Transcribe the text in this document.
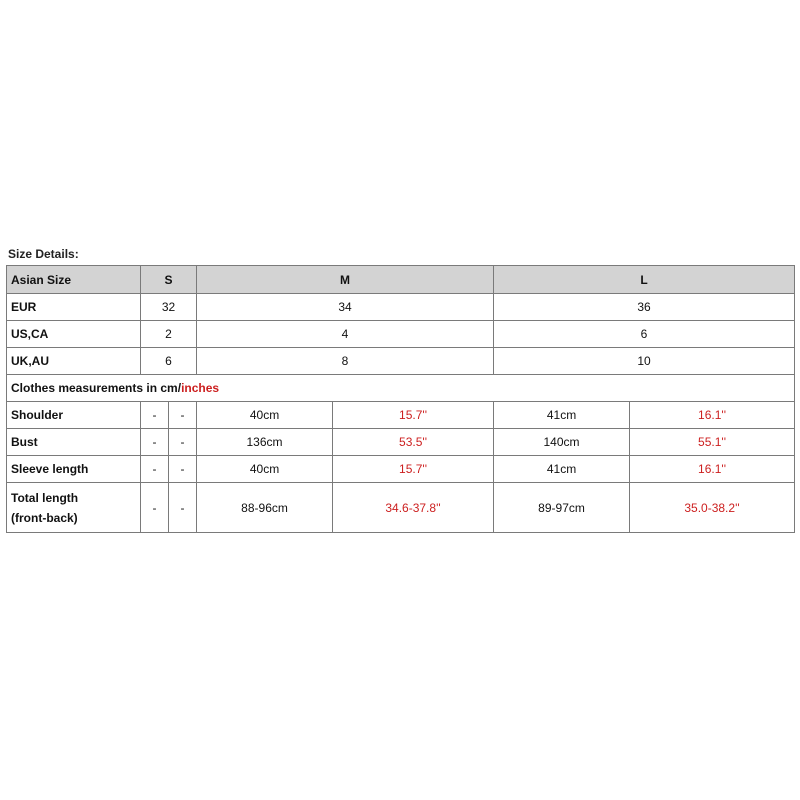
Size Details:
Asian Size	S		M		L	
EUR	32		34		36	
US,CA	2		4		6	
UK,AU	6		8		10	
Clothes measurements in cm/inches						
Shoulder	-	-	40cm	15.7''	41cm	16.1''
Bust	-	-	136cm	53.5''	140cm	55.1''
Sleeve length	-	-	40cm	15.7''	41cm	16.1''
Total length
(front-back)	-	-	88-96cm	34.6-37.8''	89-97cm	35.0-38.2''
